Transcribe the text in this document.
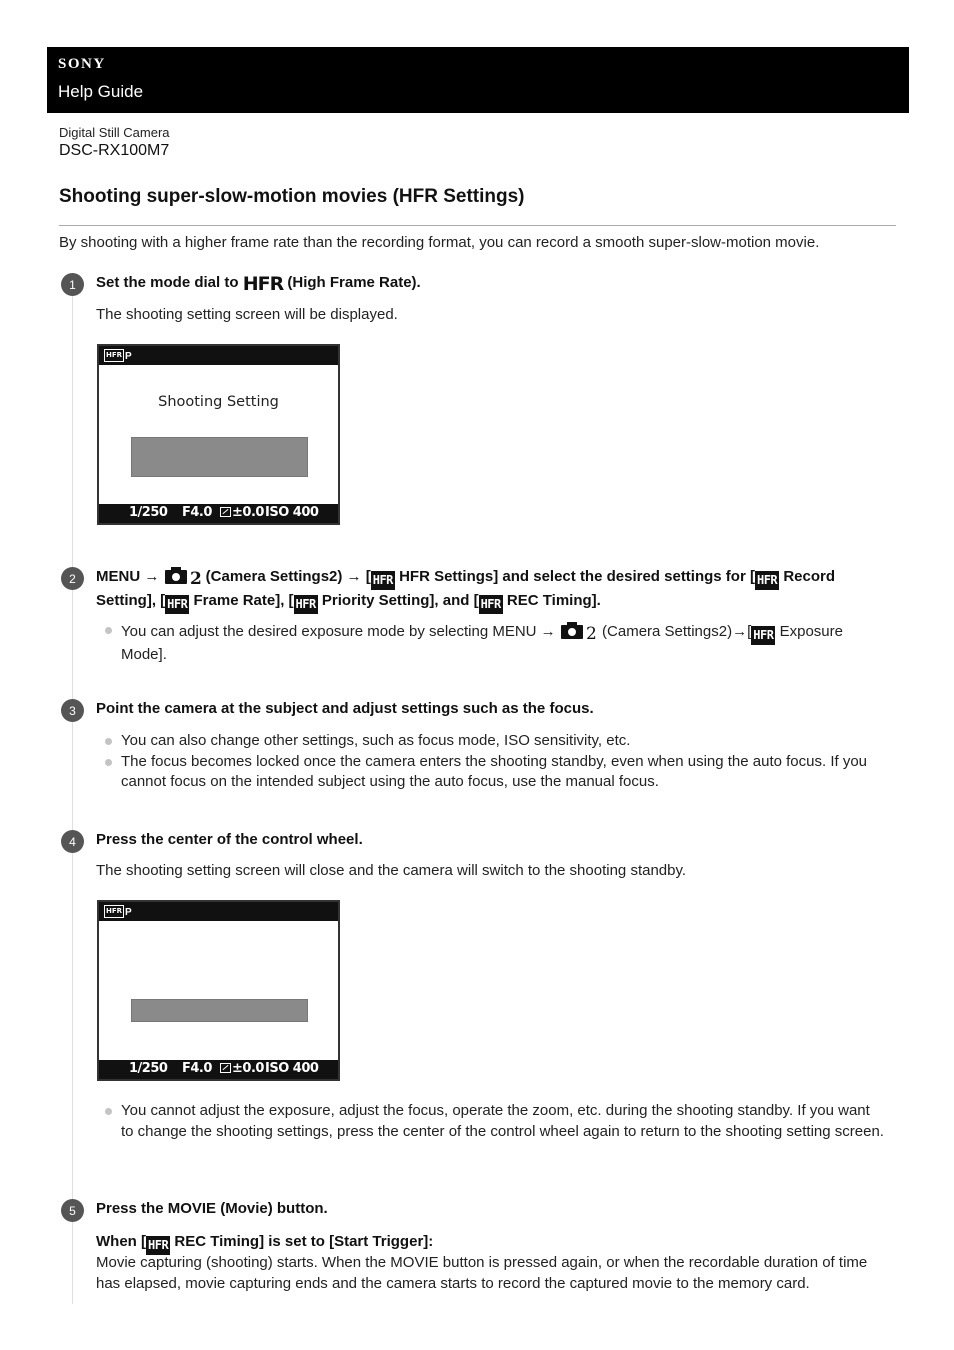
SONY
Help Guide
Digital Still Camera
DSC-RX100M7
Shooting super-slow-motion movies (HFR Settings)
By shooting with a higher frame rate than the recording format, you can record a smooth super-slow-motion movie.
1	Set the mode dial to HFR (High Frame Rate).
The shooting setting screen will be displayed.
HFR P
Shooting Setting
1/250 F4.0	±0.0 ISO 400
2	MENU → 2 (Camera Settings2) → [ HFR HFR Settings] and select the desired settings for [ HFR Record
Setting], [ HFR Frame Rate], [ HFR Priority Setting], and [ HFR REC Timing].
You can adjust the desired exposure mode by selecting MENU → 2 (Camera Settings2)→[ HFR Exposure
Mode].
3	Point the camera at the subject and adjust settings such as the focus.
You can also change other settings, such as focus mode, ISO sensitivity, etc.
The focus becomes locked once the camera enters the shooting standby, even when using the auto focus. If you cannot focus on the intended subject using the auto focus, use the manual focus.
4	Press the center of the control wheel.
The shooting setting screen will close and the camera will switch to the shooting standby.
HFR P
1/250 F4.0	±0.0 ISO 400
You cannot adjust the exposure, adjust the focus, operate the zoom, etc. during the shooting standby. If you want to change the shooting settings, press the center of the control wheel again to return to the shooting setting screen.
5	Press the MOVIE (Movie) button.
When [ HFR REC Timing] is set to [Start Trigger]:
Movie capturing (shooting) starts. When the MOVIE button is pressed again, or when the recordable duration of time has elapsed, movie capturing ends and the camera starts to record the captured movie to the memory card.
